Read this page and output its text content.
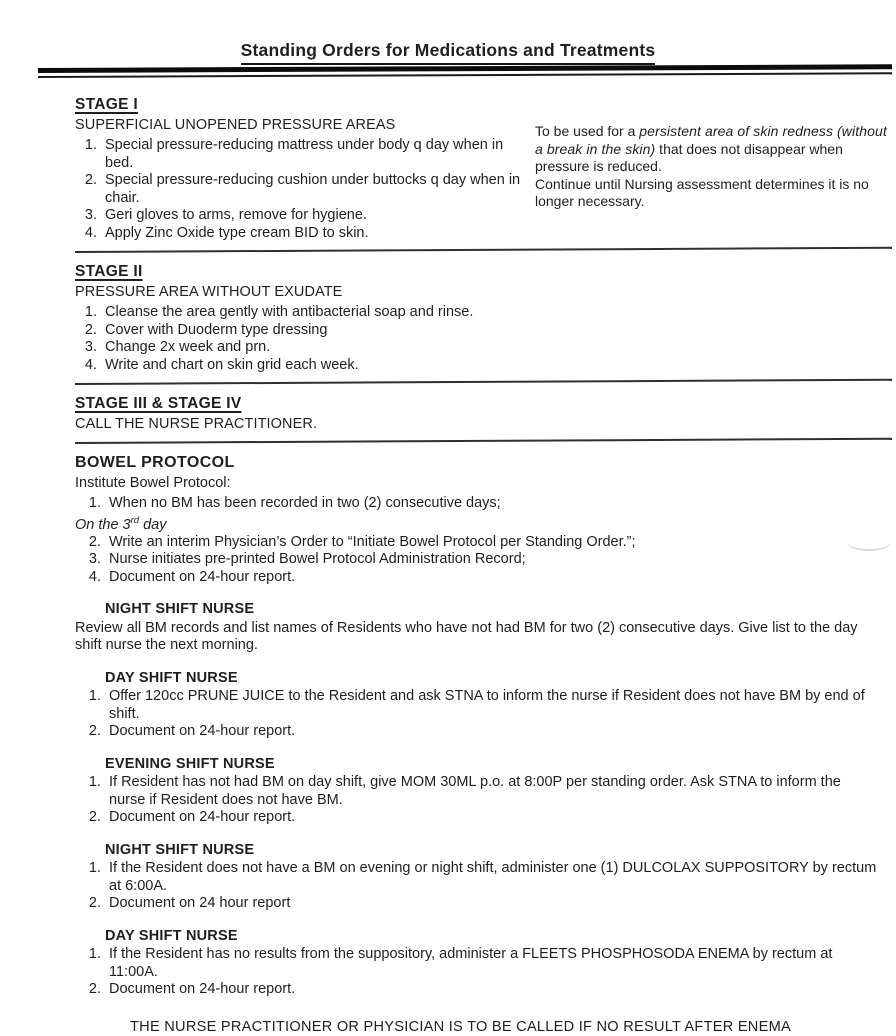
Standing Orders for Medications and Treatments
STAGE I
SUPERFICIAL UNOPENED PRESSURE AREAS
1. Special pressure-reducing mattress under body q day when in bed.
2. Special pressure-reducing cushion under buttocks q day when in chair.
3. Geri gloves to arms, remove for hygiene.
4. Apply Zinc Oxide type cream BID to skin.
To be used for a persistent area of skin redness (without a break in the skin) that does not disappear when pressure is reduced.
Continue until Nursing assessment determines it is no longer necessary.
STAGE II
PRESSURE AREA WITHOUT EXUDATE
1. Cleanse the area gently with antibacterial soap and rinse.
2. Cover with Duoderm type dressing
3. Change 2x week and prn.
4. Write and chart on skin grid each week.
STAGE III & STAGE IV
CALL THE NURSE PRACTITIONER.
BOWEL PROTOCOL

Institute Bowel Protocol:

1. When no BM has been recorded in two (2) consecutive days;

On the 3rd day

2. Write an interim Physician’s Order to “Initiate Bowel Protocol per Standing Order.”;
3. Nurse initiates pre-printed Bowel Protocol Administration Record;
4. Document on 24-hour report.
NIGHT SHIFT NURSE

Review all BM records and list names of Residents who have not had BM for two (2) consecutive days. Give list to the day shift nurse the next morning.

DAY SHIFT NURSE
1. Offer 120cc PRUNE JUICE to the Resident and ask STNA to inform the nurse if Resident does not have BM by end of shift.
2. Document on 24-hour report.
EVENING SHIFT NURSE
1. If Resident has not had BM on day shift, give MOM 30ML p.o. at 8:00P per standing order. Ask STNA to inform the nurse if Resident does not have BM.
2. Document on 24-hour report.
NIGHT SHIFT NURSE
1. If the Resident does not have a BM on evening or night shift, administer one (1) DULCOLAX SUPPOSITORY by rectum at 6:00A.
2. Document on 24 hour report
DAY SHIFT NURSE
1. If the Resident has no results from the suppository, administer a FLEETS PHOSPHOSODA ENEMA by rectum at 11:00A.
2. Document on 24-hour report.

THE NURSE PRACTITIONER OR PHYSICIAN IS TO BE CALLED IF NO RESULT AFTER ENEMA
